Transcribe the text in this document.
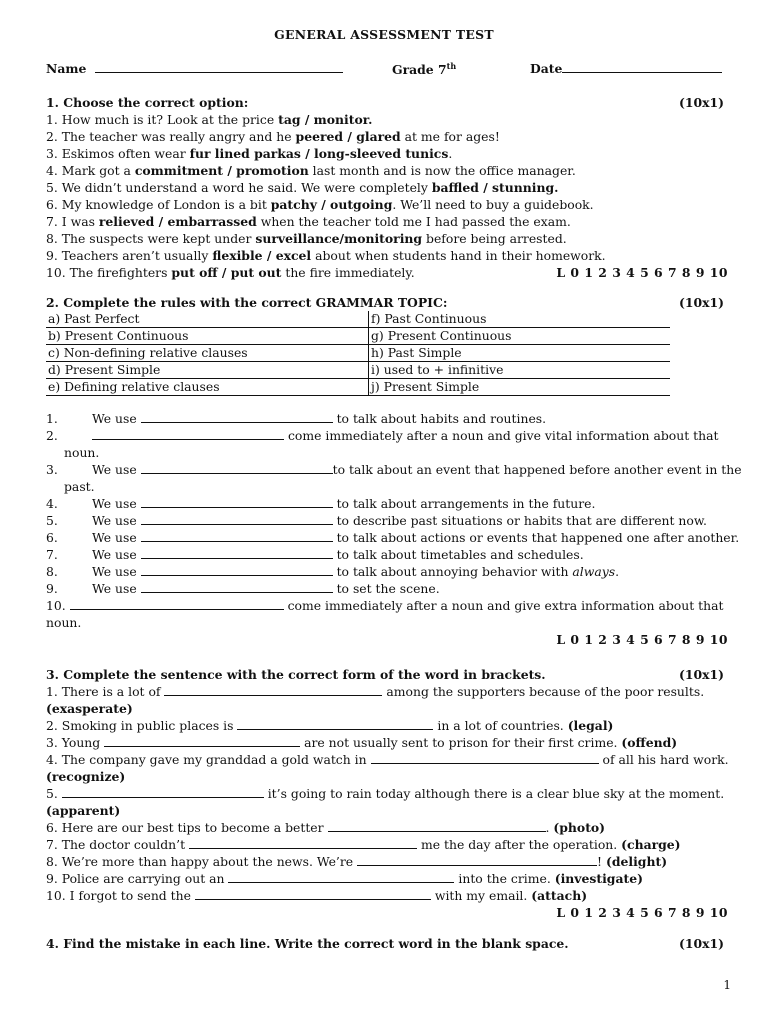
GENERAL ASSESSMENT TEST
Name	Grade 7th	Date
1. Choose the correct option:	(10x1)
1. How much is it? Look at the price tag / monitor.
2. The teacher was really angry and he peered / glared at me for ages!
3. Eskimos often wear fur lined parkas / long-sleeved tunics.
4. Mark got a commitment / promotion last month and is now the office manager.
5. We didn’t understand a word he said. We were completely baffled / stunning.
6. My knowledge of London is a bit patchy / outgoing. We’ll need to buy a guidebook.
7. I was relieved / embarrassed when the teacher told me I had passed the exam.
8. The suspects were kept under surveillance/monitoring before being arrested.
9. Teachers aren’t usually flexible / excel about when students hand in their homework.
10. The firefighters put off / put out the fire immediately.	L 0 1 2 3 4 5 6 7 8 9 10
2. Complete the rules with the correct GRAMMAR TOPIC:	(10x1)
a) Past Perfect	f) Past Continuous
b) Present Continuous	g) Present Continuous
c) Non-defining relative clauses	h) Past Simple
d) Present Simple	i) used to + infinitive
e) Defining relative clauses	j) Present Simple
1.	We use	to talk about habits and routines.
2.	come immediately after a noun and give vital information about that
noun.
3.	We use	to talk about an event that happened before another event in the
past.
4.	We use	to talk about arrangements in the future.
5.	We use	to describe past situations or habits that are different now.
6.	We use	to talk about actions or events that happened one after another.
7.	We use	to talk about timetables and schedules.
8.	We use	to talk about annoying behavior with always.
9.	We use	to set the scene.
10.	come immediately after a noun and give extra information about that
noun.
L 0 1 2 3 4 5 6 7 8 9 10
3. Complete the sentence with the correct form of the word in brackets.	(10x1)
1. There is a lot of	among the supporters because of the poor results.
(exasperate)
2. Smoking in public places is	in a lot of countries. (legal)
3. Young	are not usually sent to prison for their first crime. (offend)
4. The company gave my granddad a gold watch in	of all his hard work.
(recognize)
5.	it’s going to rain today although there is a clear blue sky at the moment.
(apparent)
6. Here are our best tips to become a better	. (photo)
7. The doctor couldn’t	me the day after the operation. (charge)
8. We’re more than happy about the news. We’re	! (delight)
9. Police are carrying out an	into the crime. (investigate)
10. I forgot to send the	with my email. (attach)
L 0 1 2 3 4 5 6 7 8 9 10
4. Find the mistake in each line. Write the correct word in the blank space.	(10x1)
1
